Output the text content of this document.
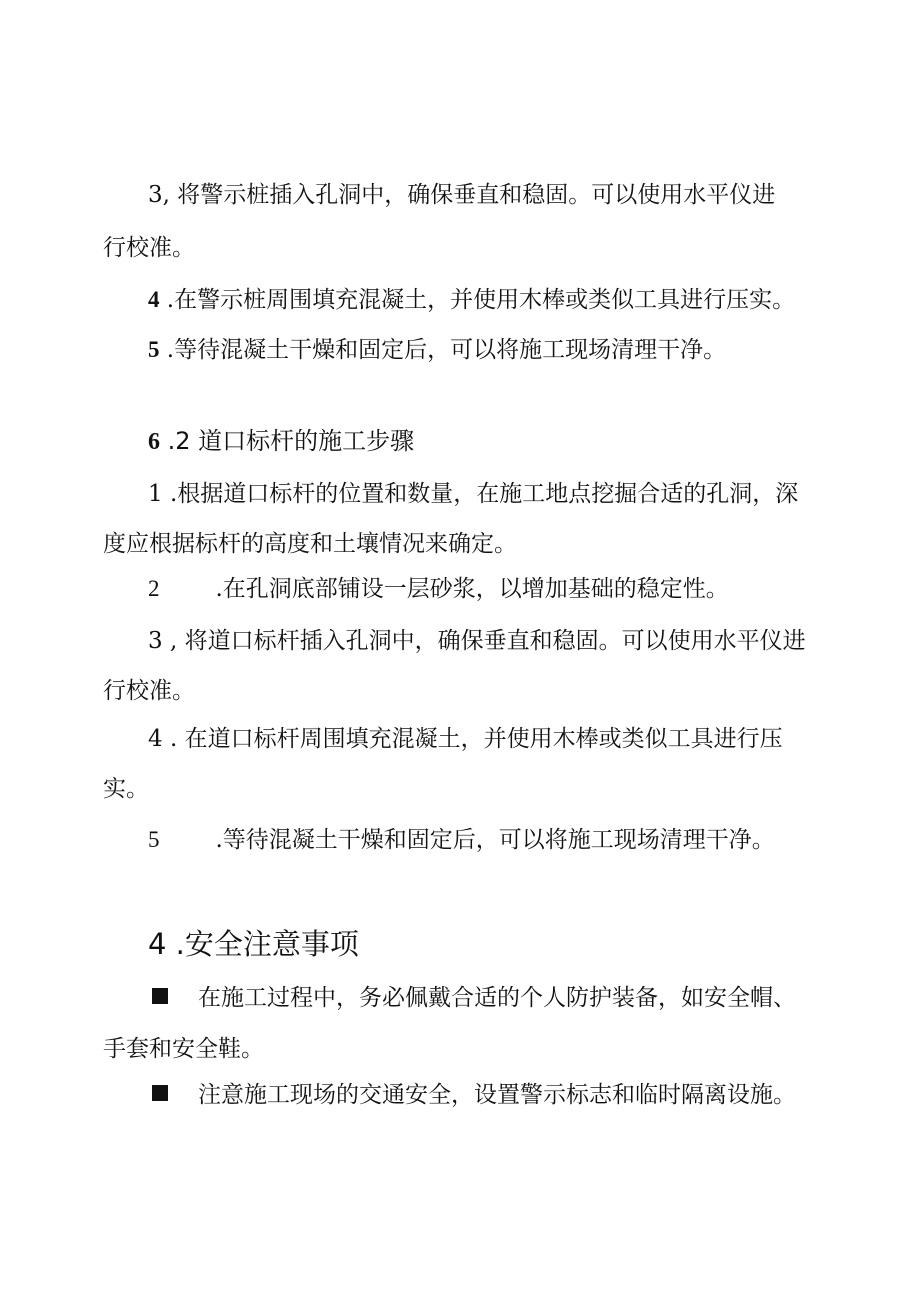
3, 将警示桩插入孔洞中，确保垂直和稳固。可以使用水平仪进
行校准。
4 .在警示桩周围填充混凝土，并使用木棒或类似工具进行压实。
5 .等待混凝土干燥和固定后，可以将施工现场清理干净。
6 .2 道口标杆的施工步骤
1 .根据道口标杆的位置和数量，在施工地点挖掘合适的孔洞，深
度应根据标杆的高度和土壤情况来确定。
2 .在孔洞底部铺设一层砂浆，以增加基础的稳定性。
3 , 将道口标杆插入孔洞中，确保垂直和稳固。可以使用水平仪进
行校准。
4 . 在道口标杆周围填充混凝土，并使用木棒或类似工具进行压
实。
5 .等待混凝土干燥和固定后，可以将施工现场清理干净。
4 .安全注意事项
在施工过程中，务必佩戴合适的个人防护装备，如安全帽、
手套和安全鞋。
注意施工现场的交通安全，设置警示标志和临时隔离设施。
